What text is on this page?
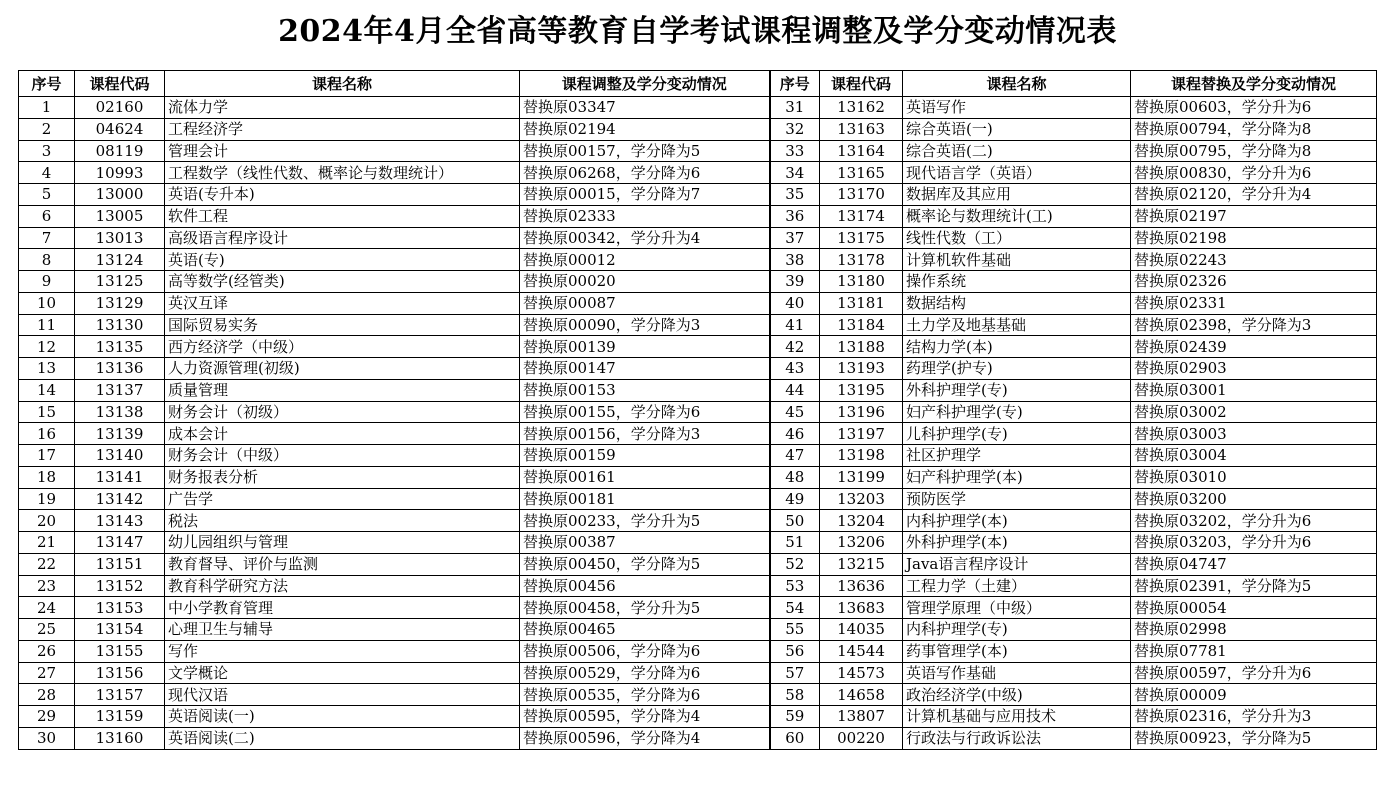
2024年4月全省高等教育自学考试课程调整及学分变动情况表
序号	课程代码	课程名称	课程调整及学分变动情况	序号	课程代码	课程名称	课程替换及学分变动情况
1	02160	流体力学	替换原03347	31	13162	英语写作	替换原00603，学分升为6
2	04624	工程经济学	替换原02194	32	13163	综合英语(一)	替换原00794，学分降为8
3	08119	管理会计	替换原00157，学分降为5	33	13164	综合英语(二)	替换原00795，学分降为8
4	10993	工程数学（线性代数、概率论与数理统计）	替换原06268，学分降为6	34	13165	现代语言学（英语）	替换原00830，学分升为6
5	13000	英语(专升本)	替换原00015，学分降为7	35	13170	数据库及其应用	替换原02120，学分升为4
6	13005	软件工程	替换原02333	36	13174	概率论与数理统计(工)	替换原02197
7	13013	高级语言程序设计	替换原00342，学分升为4	37	13175	线性代数（工）	替换原02198
8	13124	英语(专)	替换原00012	38	13178	计算机软件基础	替换原02243
9	13125	高等数学(经管类)	替换原00020	39	13180	操作系统	替换原02326
10	13129	英汉互译	替换原00087	40	13181	数据结构	替换原02331
11	13130	国际贸易实务	替换原00090，学分降为3	41	13184	土力学及地基基础	替换原02398，学分降为3
12	13135	西方经济学（中级）	替换原00139	42	13188	结构力学(本)	替换原02439
13	13136	人力资源管理(初级)	替换原00147	43	13193	药理学(护专)	替换原02903
14	13137	质量管理	替换原00153	44	13195	外科护理学(专)	替换原03001
15	13138	财务会计（初级）	替换原00155，学分降为6	45	13196	妇产科护理学(专)	替换原03002
16	13139	成本会计	替换原00156，学分降为3	46	13197	儿科护理学(专)	替换原03003
17	13140	财务会计（中级）	替换原00159	47	13198	社区护理学	替换原03004
18	13141	财务报表分析	替换原00161	48	13199	妇产科护理学(本)	替换原03010
19	13142	广告学	替换原00181	49	13203	预防医学	替换原03200
20	13143	税法	替换原00233，学分升为5	50	13204	内科护理学(本)	替换原03202，学分升为6
21	13147	幼儿园组织与管理	替换原00387	51	13206	外科护理学(本)	替换原03203，学分升为6
22	13151	教育督导、评价与监测	替换原00450，学分降为5	52	13215	Java语言程序设计	替换原04747
23	13152	教育科学研究方法	替换原00456	53	13636	工程力学（土建）	替换原02391，学分降为5
24	13153	中小学教育管理	替换原00458，学分升为5	54	13683	管理学原理（中级）	替换原00054
25	13154	心理卫生与辅导	替换原00465	55	14035	内科护理学(专)	替换原02998
26	13155	写作	替换原00506，学分降为6	56	14544	药事管理学(本)	替换原07781
27	13156	文学概论	替换原00529，学分降为6	57	14573	英语写作基础	替换原00597，学分升为6
28	13157	现代汉语	替换原00535，学分降为6	58	14658	政治经济学(中级)	替换原00009
29	13159	英语阅读(一)	替换原00595，学分降为4	59	13807	计算机基础与应用技术	替换原02316，学分升为3
30	13160	英语阅读(二)	替换原00596，学分降为4	60	00220	行政法与行政诉讼法	替换原00923，学分降为5
